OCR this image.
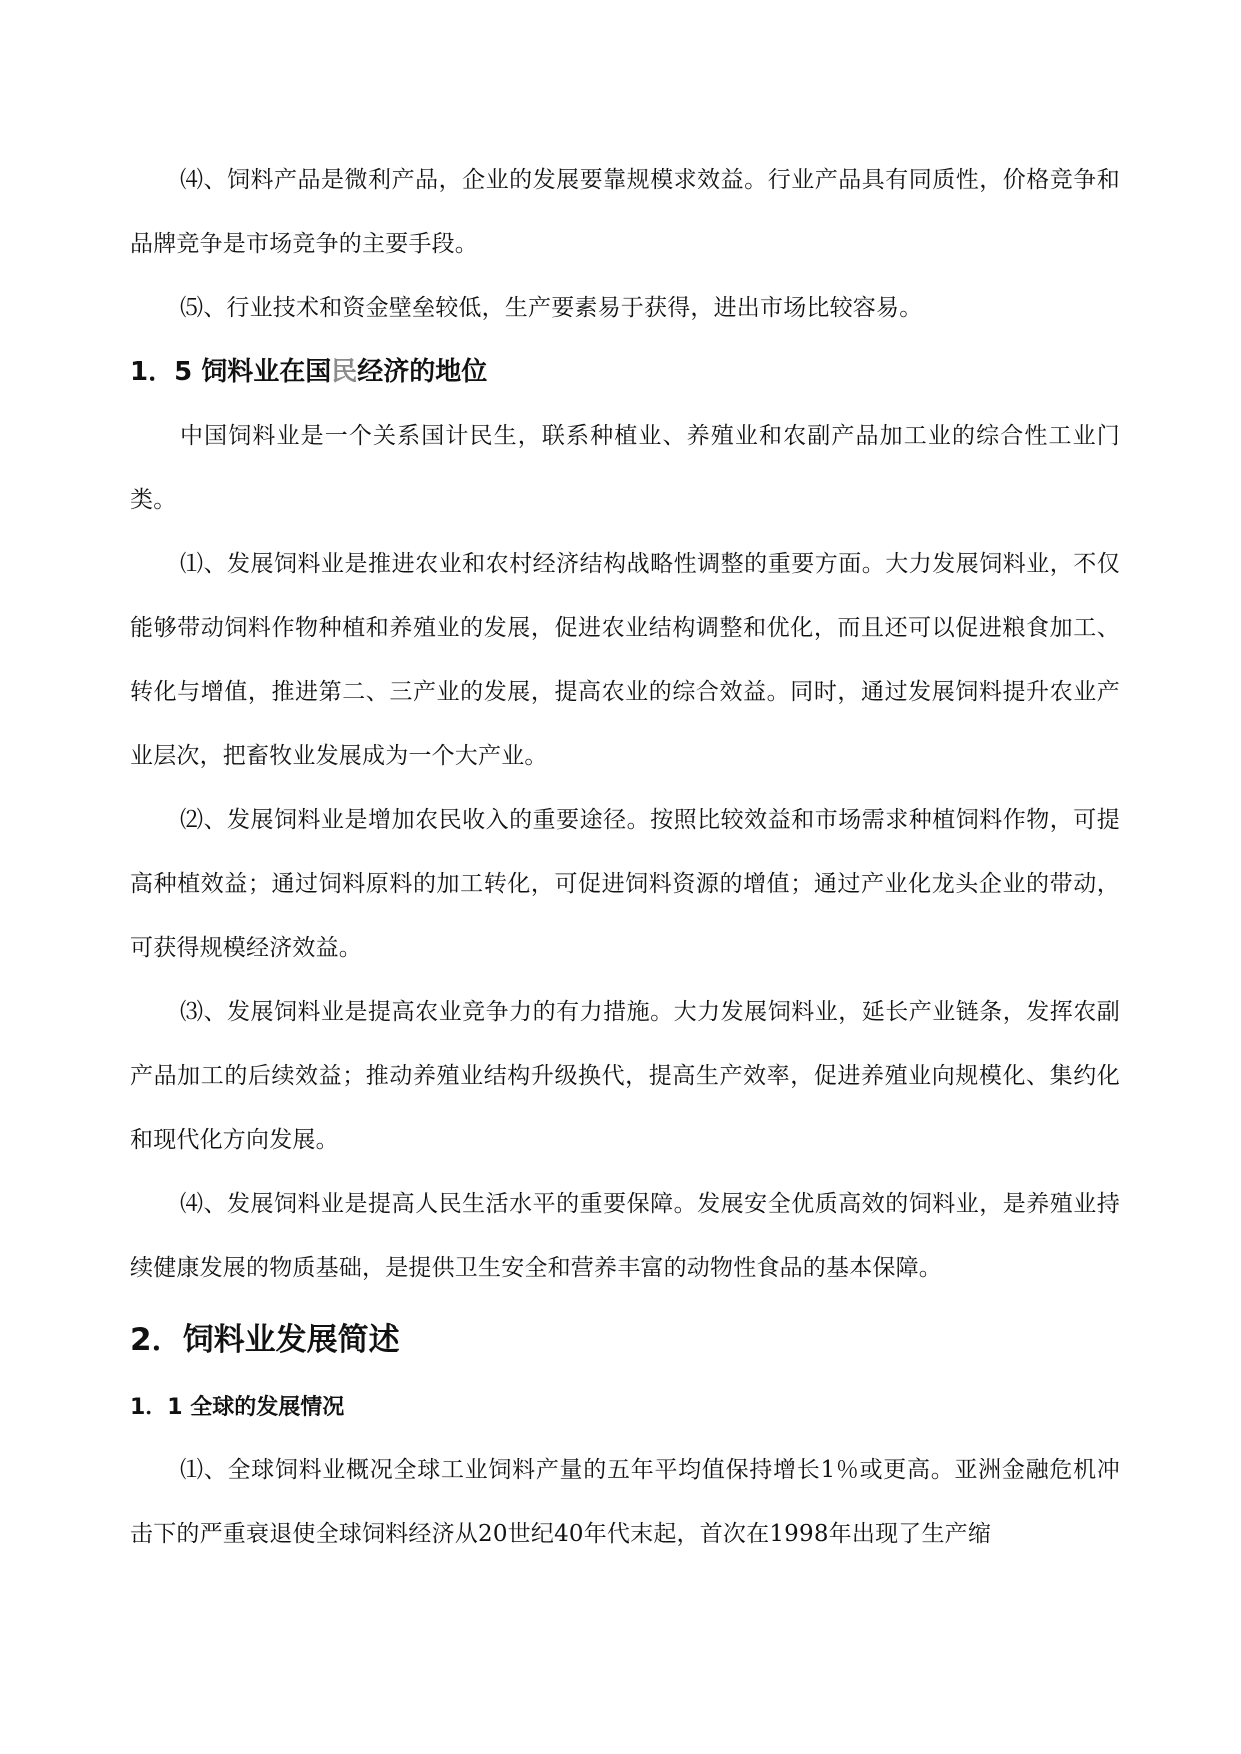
⑷、饲料产品是微利产品，企业的发展要靠规模求效益。行业产品具有同质性，价格竞争和品牌竞争是市场竞争的主要手段。

⑸、行业技术和资金壁垒较低，生产要素易于获得，进出市场比较容易。

1．5 饲料业在国民经济的地位

中国饲料业是一个关系国计民生，联系种植业、养殖业和农副产品加工业的综合性工业门类。

⑴、发展饲料业是推进农业和农村经济结构战略性调整的重要方面。大力发展饲料业，不仅能够带动饲料作物种植和养殖业的发展，促进农业结构调整和优化，而且还可以促进粮食加工、转化与增值，推进第二、三产业的发展，提高农业的综合效益。同时，通过发展饲料提升农业产业层次，把畜牧业发展成为一个大产业。

⑵、发展饲料业是增加农民收入的重要途径。按照比较效益和市场需求种植饲料作物，可提高种植效益；通过饲料原料的加工转化，可促进饲料资源的增值；通过产业化龙头企业的带动，可获得规模经济效益。

⑶、发展饲料业是提高农业竞争力的有力措施。大力发展饲料业，延长产业链条，发挥农副产品加工的后续效益；推动养殖业结构升级换代，提高生产效率，促进养殖业向规模化、集约化和现代化方向发展。

⑷、发展饲料业是提高人民生活水平的重要保障。发展安全优质高效的饲料业，是养殖业持续健康发展的物质基础，是提供卫生安全和营养丰富的动物性食品的基本保障。

2．饲料业发展简述
1．1 全球的发展情况

⑴、全球饲料业概况全球工业饲料产量的五年平均值保持增长1％或更高。亚洲金融危机冲击下的严重衰退使全球饲料经济从20世纪40年代末起，首次在1998年出现了生产缩
